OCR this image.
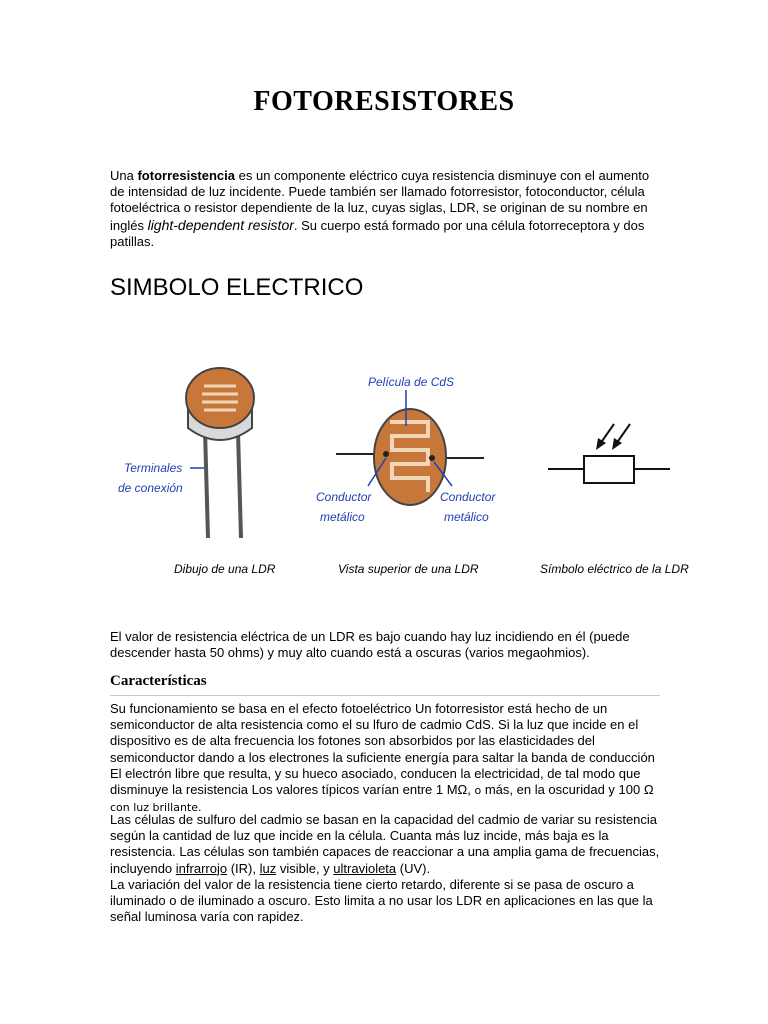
FOTORESISTORES

Una fotorresistencia es un componente eléctrico cuya resistencia disminuye con el aumento de intensidad de luz incidente. Puede también ser llamado fotorresistor, fotoconductor, célula fotoeléctrica o resistor dependiente de la luz, cuyas siglas, LDR, se originan de su nombre en inglés light-dependent resistor. Su cuerpo está formado por una célula fotorreceptora y dos patillas.

SIMBOLO ELECTRICO
Terminales
de conexión
Dibujo de una LDR
Película de CdS
Conductor
metálico
Conductor
metálico
Vista superior de una LDR	Símbolo eléctrico de la LDR

El valor de resistencia eléctrica de un LDR es bajo cuando hay luz incidiendo en él (puede descender hasta 50 ohms) y muy alto cuando está a oscuras (varios megaohmios).

Características

Su funcionamiento se basa en el efecto fotoeléctrico Un fotorresistor está hecho de un semiconductor de alta resistencia como el su lfuro de cadmio CdS. Si la luz que incide en el dispositivo es de alta frecuencia los fotones son absorbidos por las elasticidades del semiconductor dando a los electrones la suficiente energía para saltar la banda de conducción El electrón libre que resulta, y su hueco asociado, conducen la electricidad, de tal modo que disminuye la resistencia Los valores típicos varían entre 1 MΩ, o más, en la oscuridad y 100 Ω con luz brillante.

Las células de sulfuro del cadmio se basan en la capacidad del cadmio de variar su resistencia según la cantidad de luz que incide en la célula. Cuanta más luz incide, más baja es la resistencia. Las células son también capaces de reaccionar a una amplia gama de frecuencias, incluyendo infrarrojo (IR), luz visible, y ultravioleta (UV).

La variación del valor de la resistencia tiene cierto retardo, diferente si se pasa de oscuro a iluminado o de iluminado a oscuro. Esto limita a no usar los LDR en aplicaciones en las que la señal luminosa varía con rapidez.
